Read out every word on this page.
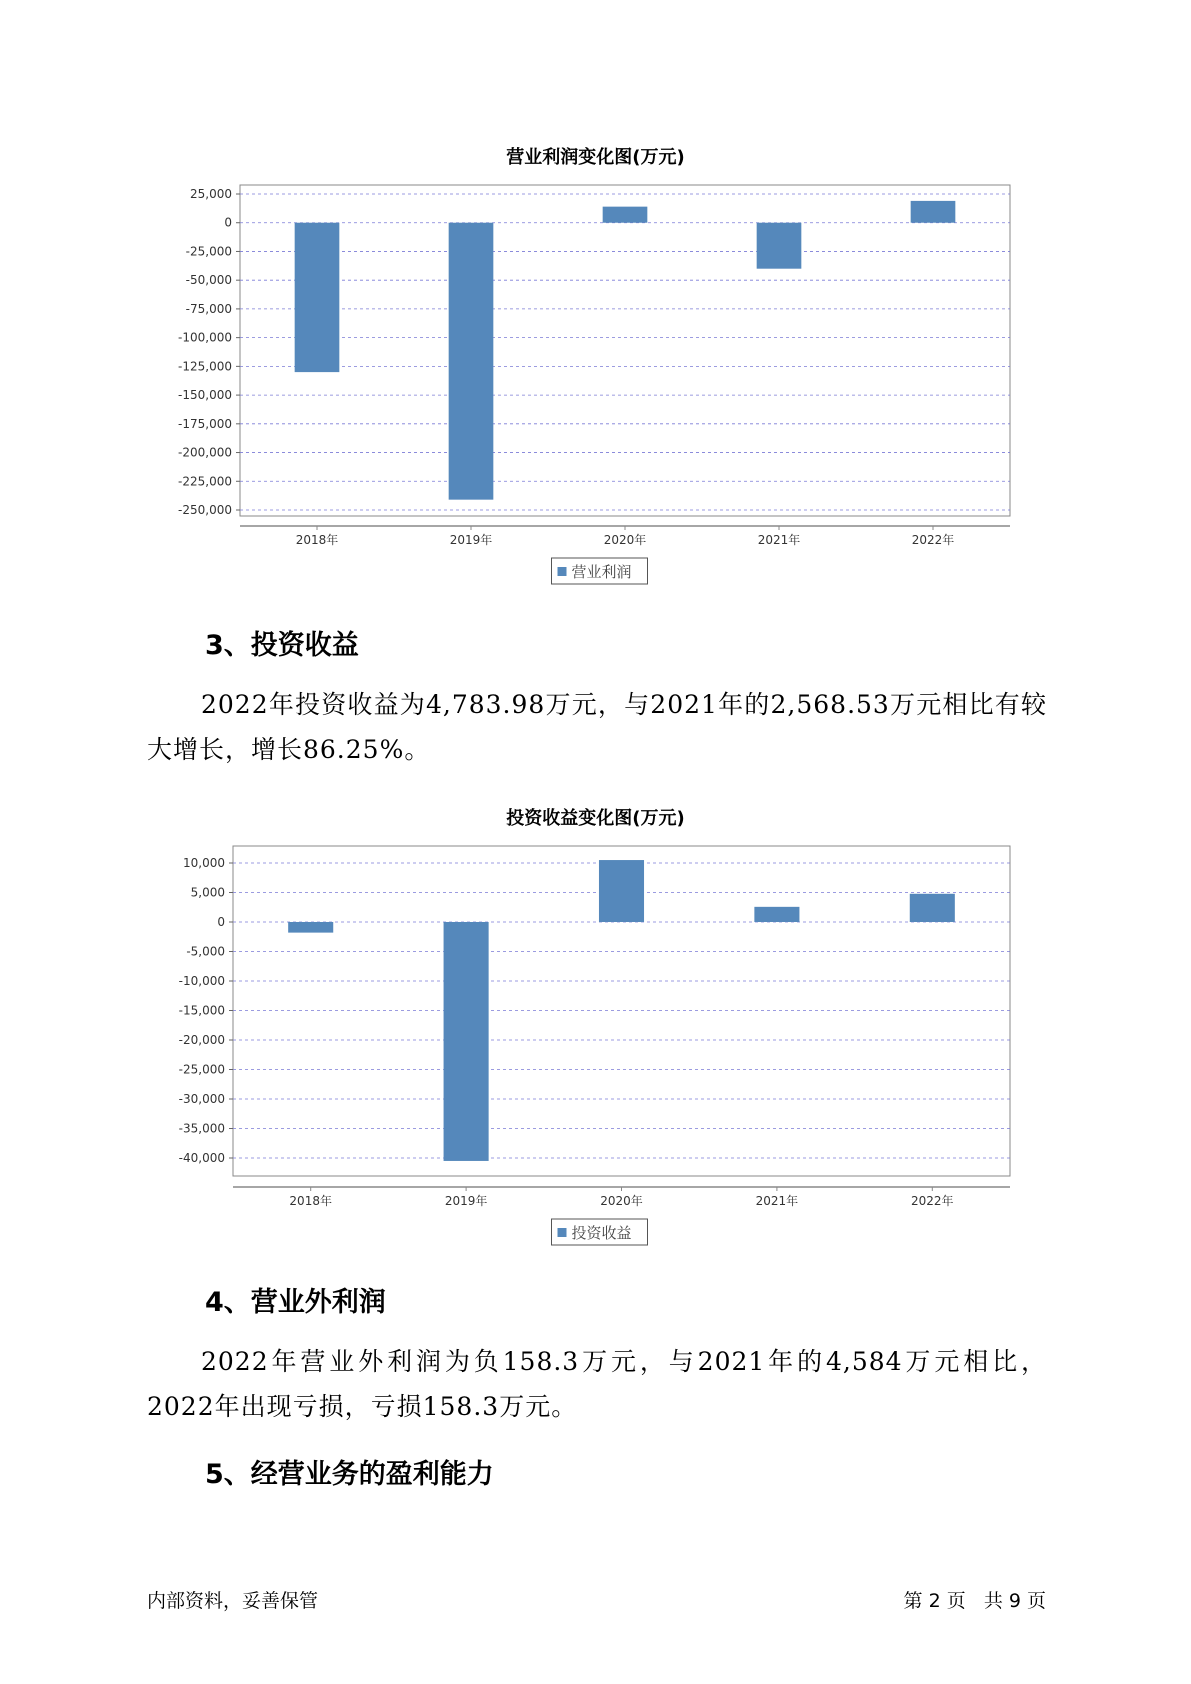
营业利润变化图(万元)
25,000
0
-25,000
-50,000
-75,000
-100,000
-125,000
-150,000
-175,000
-200,000
-225,000
-250,000
2018年	2019年	2020年	2021年	2022年
营业利润
3、投资收益
2022年投资收益为4,783.98万元，与2021年的2,568.53万元相比有较大增长，增长86.25%。
投资收益变化图(万元)
10,000
5,000
0
-5,000
-10,000
-15,000
-20,000
-25,000
-30,000
-35,000
-40,000
2018年	2019年	2020年	2021年	2022年
投资收益
4、营业外利润
2022年营业外利润为负158.3万元，与2021年的4,584万元相比，2022年出现亏损，亏损158.3万元。
5、经营业务的盈利能力
内部资料，妥善保管	第 2 页   共 9 页
